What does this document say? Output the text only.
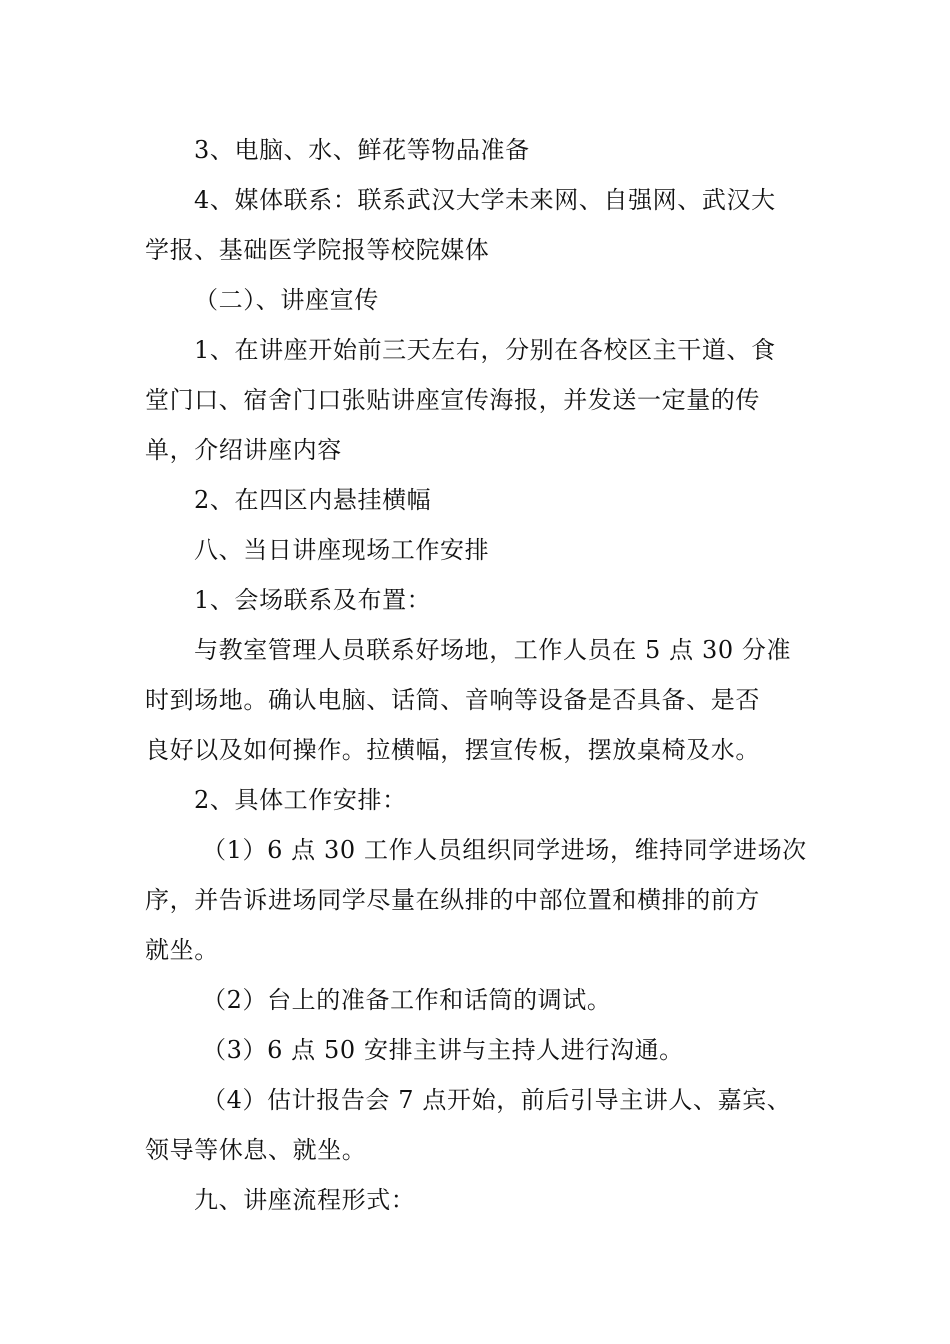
3、电脑、水、鲜花等物品准备
4、媒体联系：联系武汉大学未来网、自强网、武汉大
学报、基础医学院报等校院媒体
（二）、讲座宣传
1、在讲座开始前三天左右，分别在各校区主干道、食
堂门口、宿舍门口张贴讲座宣传海报，并发送一定量的传
单，介绍讲座内容
2、在四区内悬挂横幅
八、当日讲座现场工作安排
1、会场联系及布置：
与教室管理人员联系好场地，工作人员在 5 点 30 分准
时到场地。确认电脑、话筒、音响等设备是否具备、是否
良好以及如何操作。拉横幅，摆宣传板，摆放桌椅及水。
2、具体工作安排：
（1）6 点 30 工作人员组织同学进场，维持同学进场次
序，并告诉进场同学尽量在纵排的中部位置和横排的前方
就坐。
（2）台上的准备工作和话筒的调试。
（3）6 点 50 安排主讲与主持人进行沟通。
（4）估计报告会 7 点开始，前后引导主讲人、嘉宾、
领导等休息、就坐。
九、讲座流程形式：
